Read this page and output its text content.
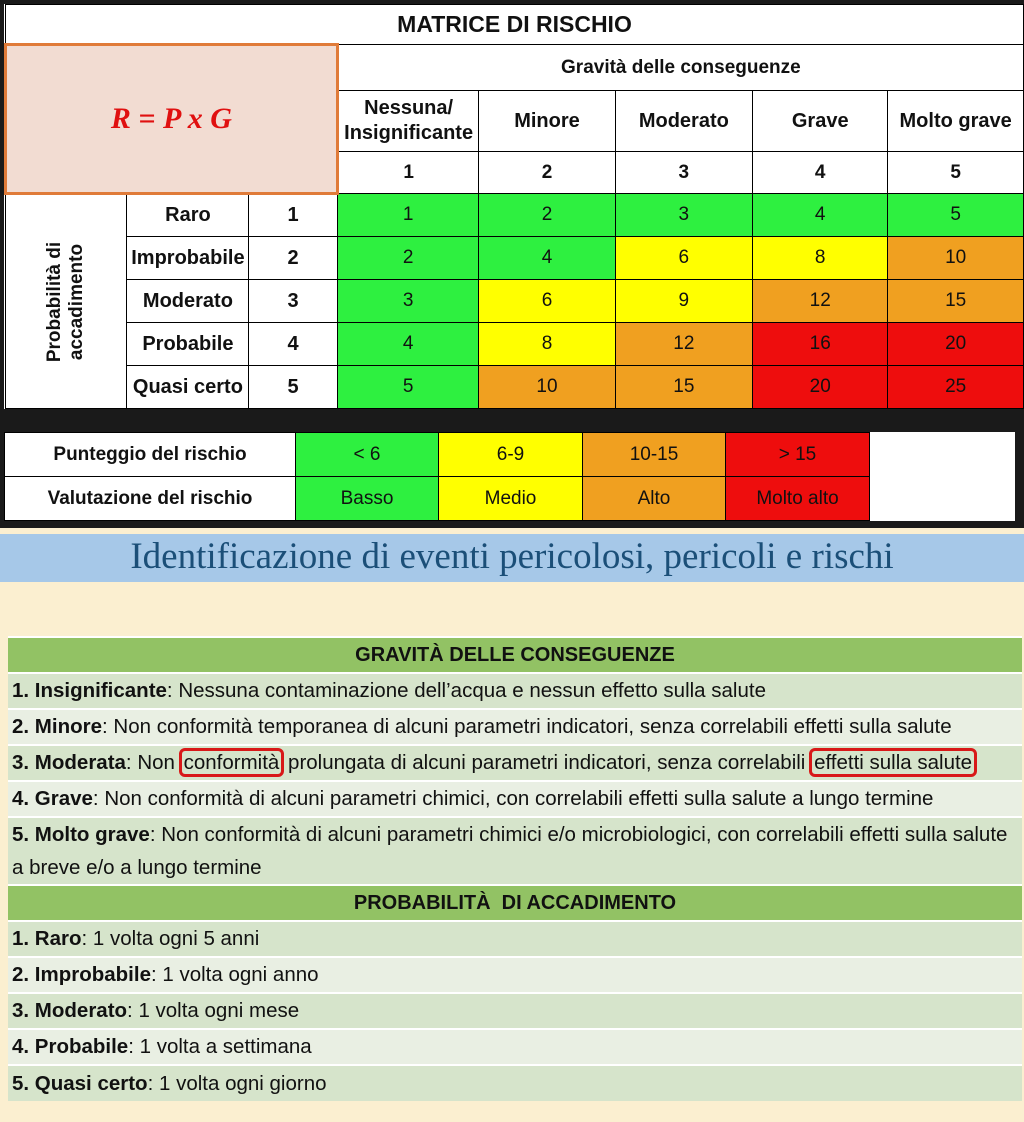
MATRICE DI RISCHIO							
R = P x G			Gravità delle conseguenze				
			Nessuna/ Insignificante	Minore	Moderato	Grave	Molto grave
			1	2	3	4	5
Probabilità di
accadimento	Raro	1	1	2	3	4	5
	Improbabile	2	2	4	6	8	10
	Moderato	3	3	6	9	12	15
	Probabile	4	4	8	12	16	20
	Quasi certo	5	5	10	15	20	25
Punteggio del rischio	< 6	6-9	10-15	> 15	
Valutazione del rischio	Basso	Medio	Alto	Molto alto	
Identificazione di eventi pericolosi, pericoli e rischi
GRAVITÀ DELLE CONSEGUENZE
1. Insignificante: Nessuna contaminazione dell’acqua e nessun effetto sulla salute
2. Minore: Non conformità temporanea di alcuni parametri indicatori, senza correlabili effetti sulla salute
3. Moderata: Non conformità prolungata di alcuni parametri indicatori, senza correlabili effetti sulla salute
4. Grave: Non conformità di alcuni parametri chimici, con correlabili effetti sulla salute a lungo termine
5. Molto grave: Non conformità di alcuni parametri chimici e/o microbiologici, con correlabili effetti sulla salute a breve e/o a lungo termine
PROBABILITÀ  DI ACCADIMENTO
1. Raro: 1 volta ogni 5 anni
2. Improbabile: 1 volta ogni anno
3. Moderato: 1 volta ogni mese
4. Probabile: 1 volta a settimana
5. Quasi certo: 1 volta ogni giorno
